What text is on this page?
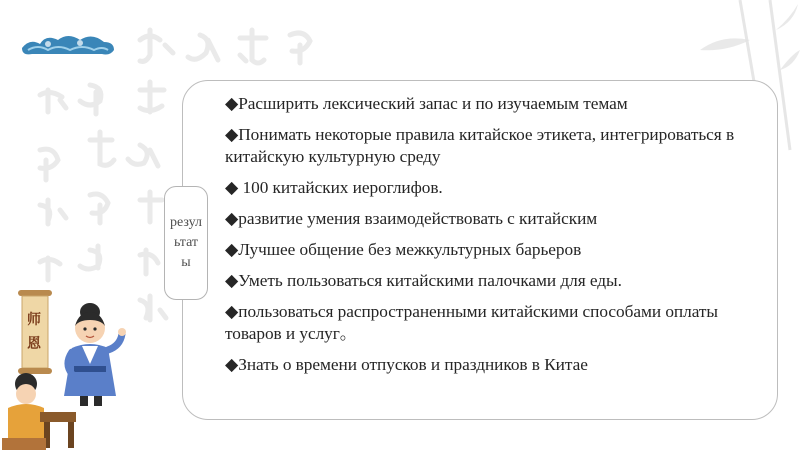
师恩
◆Расширить лексический запас и по изучаемым темам
◆Понимать некоторые правила китайское этикета, интегрироваться в китайскую культурную среду
◆ 100 китайских иероглифов.
◆развитие умения взаимодействовать с китайским
◆Лучшее общение без межкультурных барьеров
◆Уметь пользоваться китайскими палочками для еды.
◆пользоваться распространенными китайскими способами оплаты товаров и услуг。
◆Знать о времени отпусков и праздников в Китае
результаты
